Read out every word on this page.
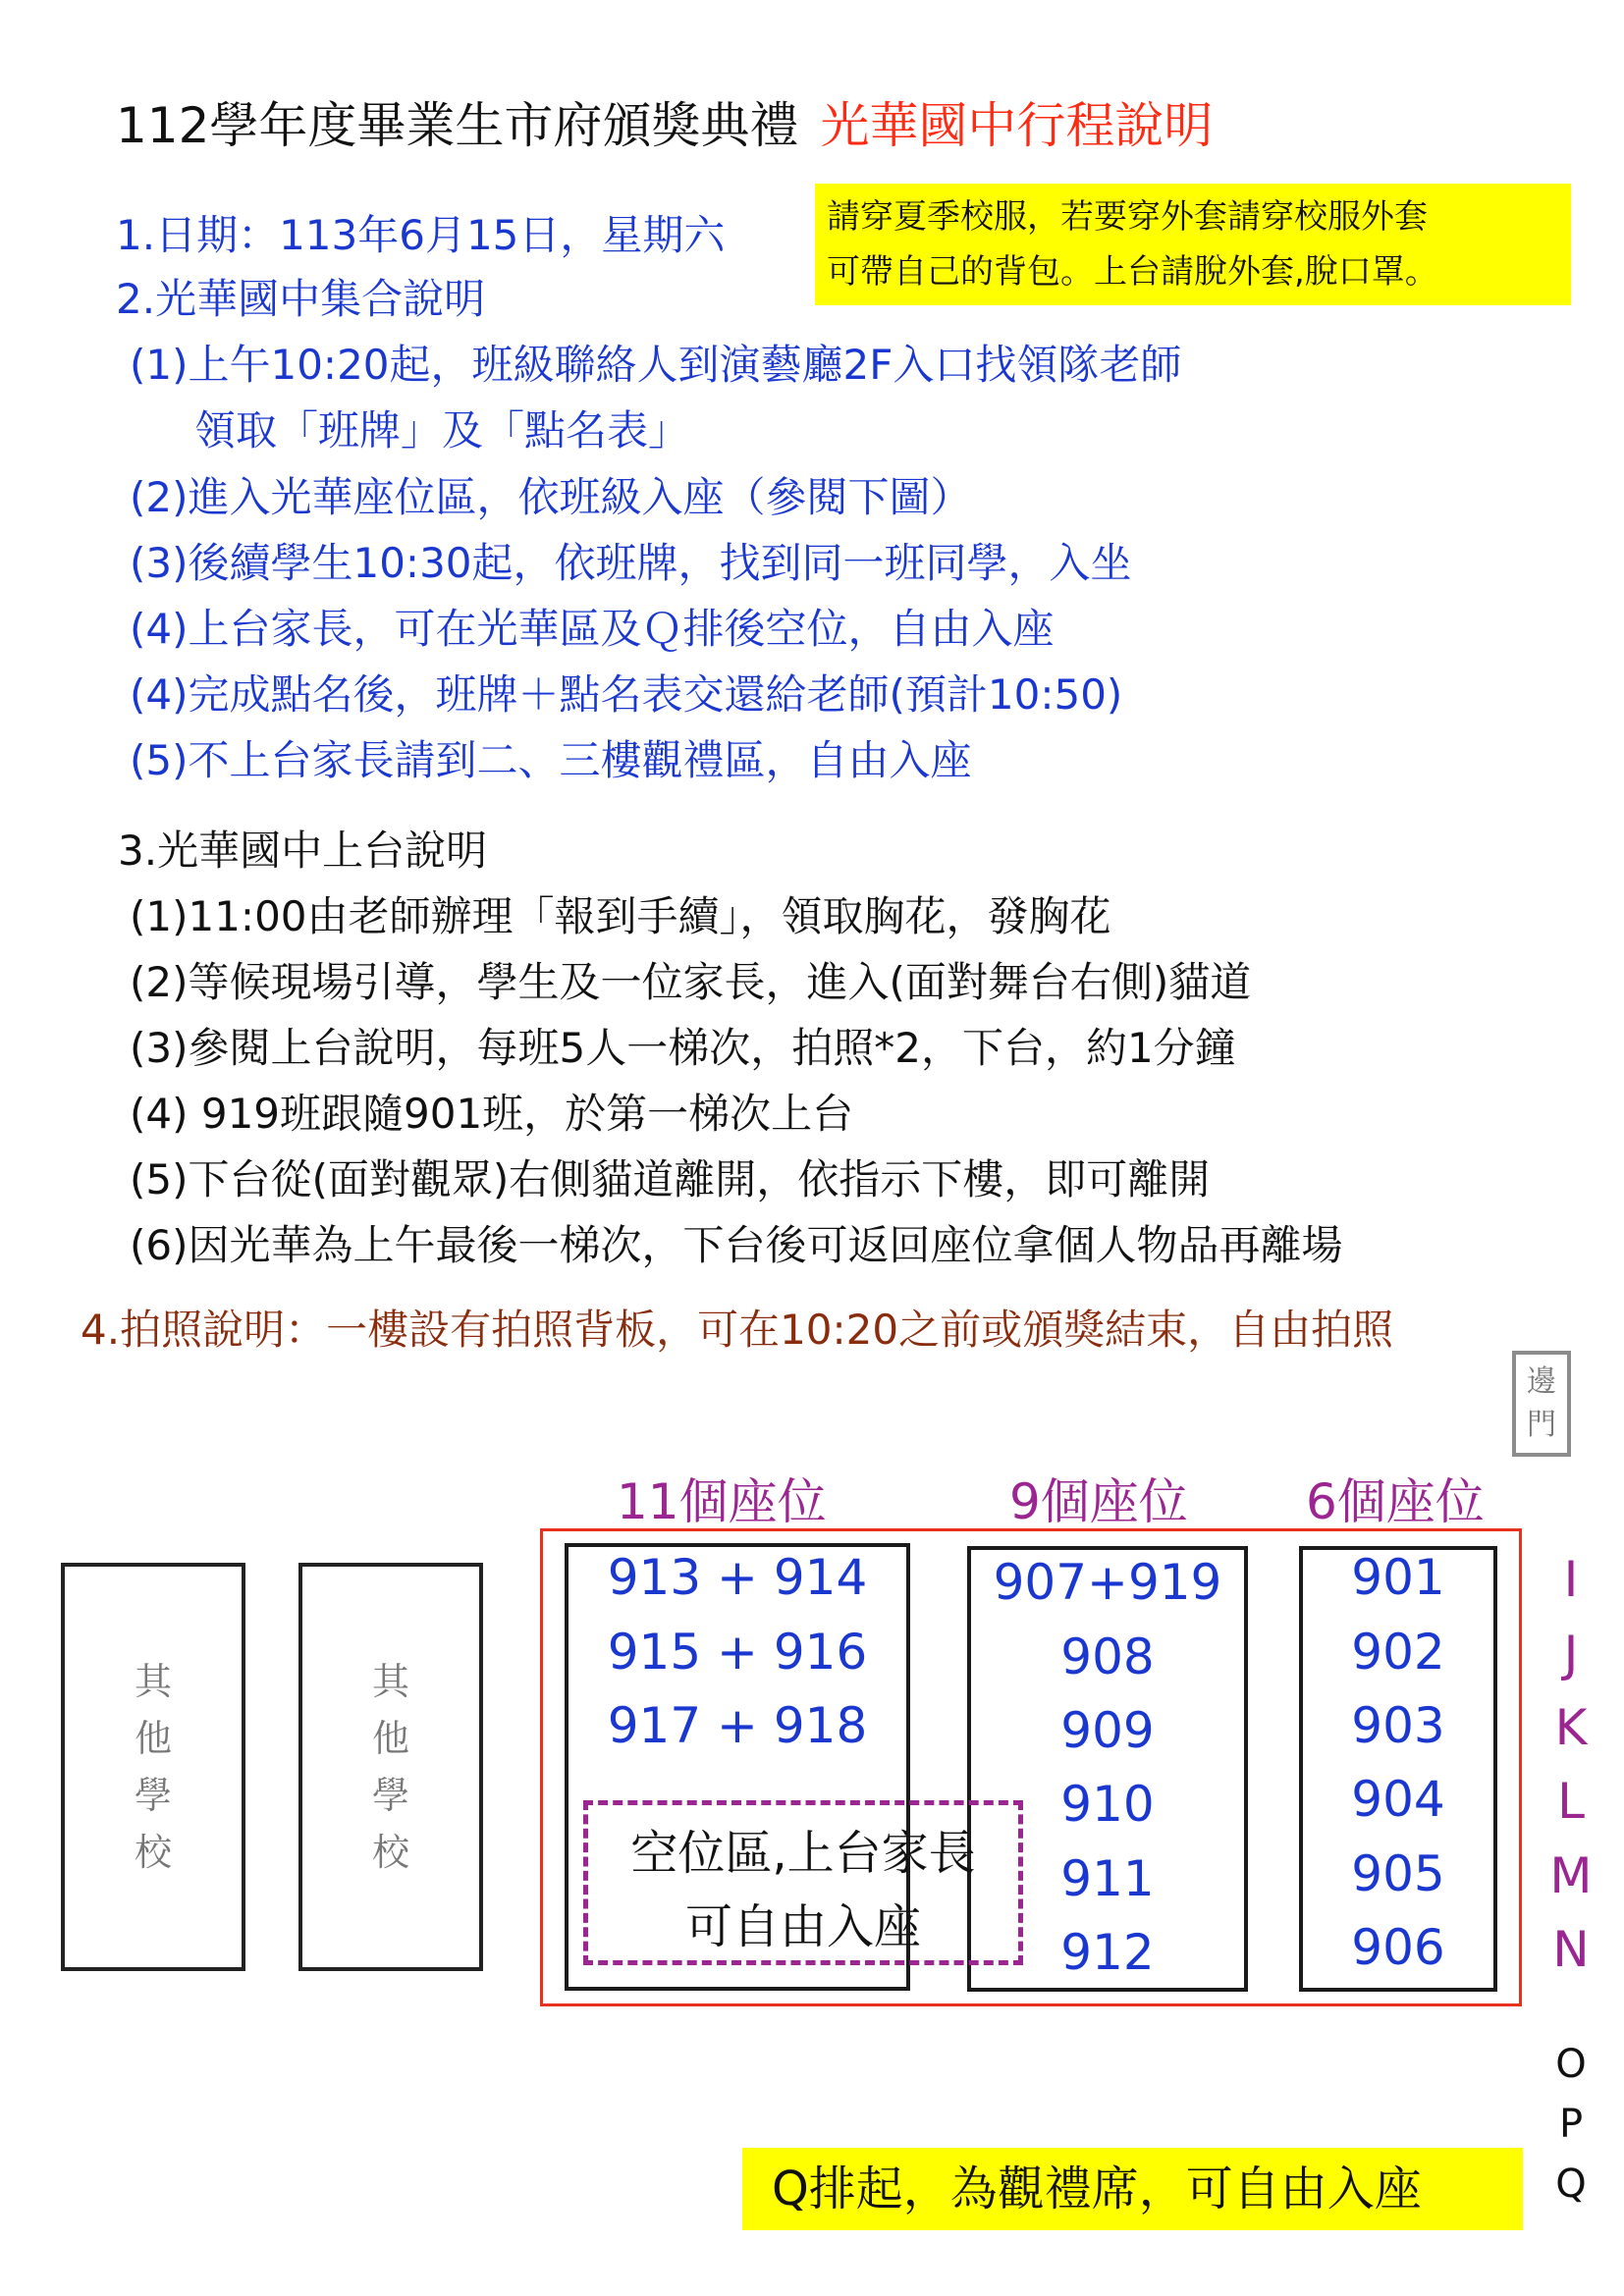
112學年度畢業生市府頒獎典禮 光華國中行程說明
請穿夏季校服，若要穿外套請穿校服外套
可帶自己的背包。上台請脫外套,脫口罩。
1.日期：113年6月15日，星期六
2.光華國中集合說明
(1)上午10:20起，班級聯絡人到演藝廳2F入口找領隊老師
領取「班牌」及「點名表」
(2)進入光華座位區，依班級入座（參閱下圖）
(3)後續學生10:30起，依班牌，找到同一班同學，入坐
(4)上台家長，可在光華區及Ｑ排後空位，自由入座
(4)完成點名後，班牌＋點名表交還給老師(預計10:50)
(5)不上台家長請到二、三樓觀禮區，自由入座
3.光華國中上台說明
(1)11:00由老師辦理「報到手續」，領取胸花，發胸花
(2)等候現場引導，學生及一位家長，進入(面對舞台右側)貓道
(3)參閱上台說明，每班5人一梯次，拍照*2，下台，約1分鐘
(4) 919班跟隨901班，於第一梯次上台
(5)下台從(面對觀眾)右側貓道離開，依指示下樓，即可離開
(6)因光華為上午最後一梯次，下台後可返回座位拿個人物品再離場
4.拍照說明：一樓設有拍照背板，可在10:20之前或頒獎結束，自由拍照
邊
門
11個座位	9個座位 6個座位
其
他
學
校
其
他
學
校
913 + 914
915 + 916
917 + 918
907+919
908
909
910
911
912
空位區,上台家長
可自由入座
901
902
903
904
905
906
I
J
K
L
M
N
O
P
Q
Q排起，為觀禮席，可自由入座
